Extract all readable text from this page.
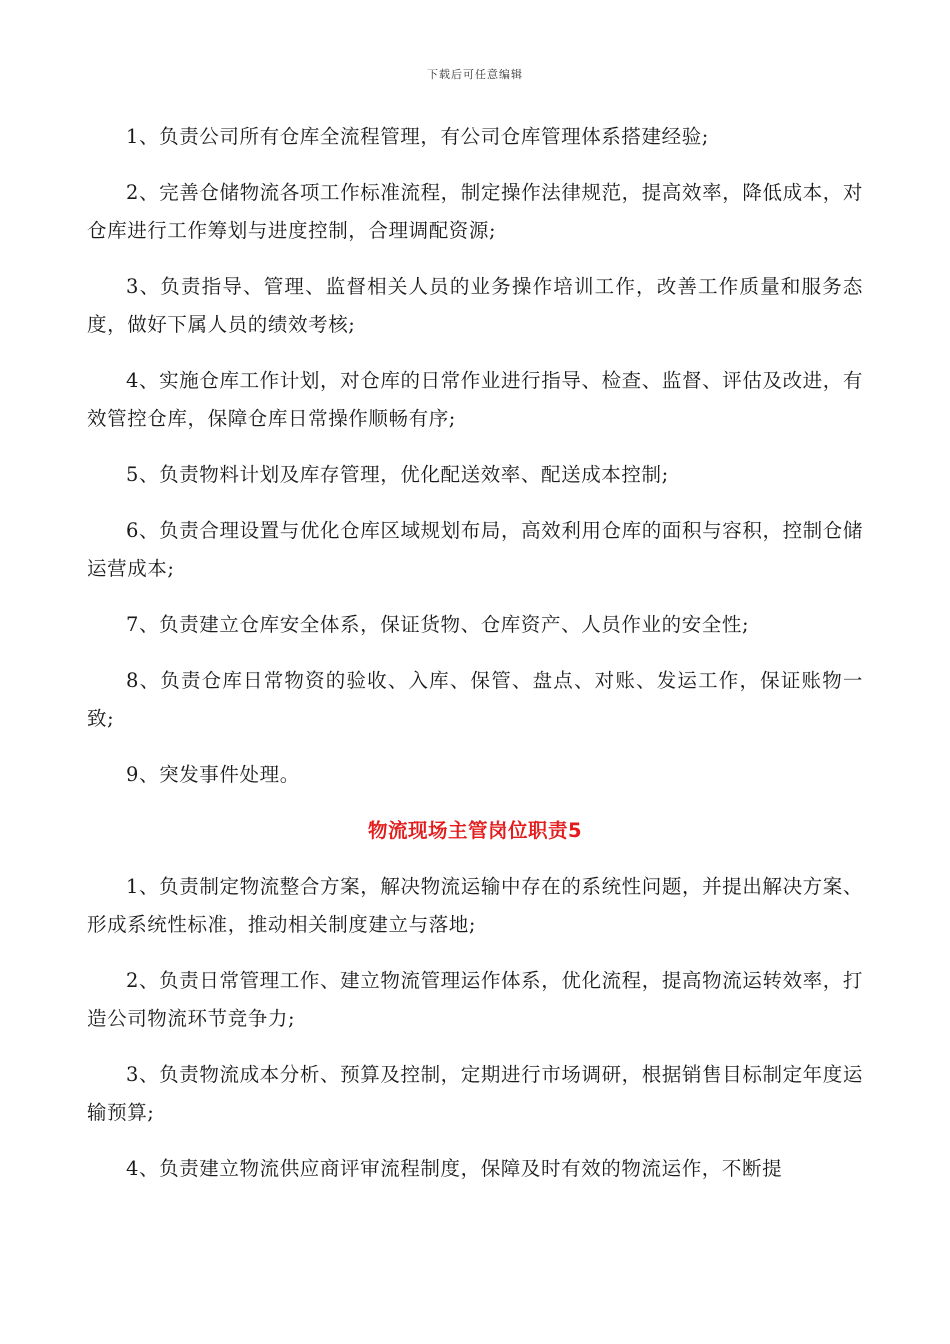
下载后可任意编辑

1、负责公司所有仓库全流程管理，有公司仓库管理体系搭建经验;

2、完善仓储物流各项工作标准流程，制定操作法律规范，提高效率，降低成本，对仓库进行工作筹划与进度控制，合理调配资源;

3、负责指导、管理、监督相关人员的业务操作培训工作，改善工作质量和服务态度，做好下属人员的绩效考核;

4、实施仓库工作计划，对仓库的日常作业进行指导、检查、监督、评估及改进，有效管控仓库，保障仓库日常操作顺畅有序;

5、负责物料计划及库存管理，优化配送效率、配送成本控制;

6、负责合理设置与优化仓库区域规划布局，高效利用仓库的面积与容积，控制仓储运营成本;

7、负责建立仓库安全体系，保证货物、仓库资产、人员作业的安全性;

8、负责仓库日常物资的验收、入库、保管、盘点、对账、发运工作，保证账物一致;

9、突发事件处理。

物流现场主管岗位职责5

1、负责制定物流整合方案，解决物流运输中存在的系统性问题，并提出解决方案、形成系统性标准，推动相关制度建立与落地;

2、负责日常管理工作、建立物流管理运作体系，优化流程，提高物流运转效率，打造公司物流环节竞争力;

3、负责物流成本分析、预算及控制，定期进行市场调研，根据销售目标制定年度运输预算;

4、负责建立物流供应商评审流程制度，保障及时有效的物流运作，不断提
